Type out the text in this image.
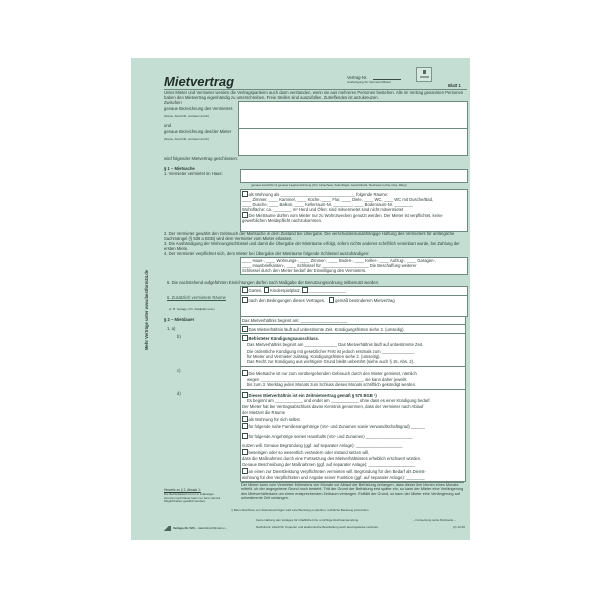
Mehr Verträge unter www.bestform24.de
Mietvertrag	Vertrag-Nr.
Ausfertigung für Vermieter/Mieter
Blatt 1
Unter Mieter und Vermieter werden die Vertragsparteien auch dann verstanden, wenn sie aus mehreren Personen bestehen. Alle im Vertrag genannten Personen haben den Mietvertrag eigenhändig zu unterschreiben. Freie Stellen sind auszufüllen. Zutreffendes ist anzukreuzen.
Zwischen
genaue Bezeichnung des Vermieters
(Name, Anschrift, vertreten durch)
und
genaue Bezeichnung des/der Mieter
(Name, Anschrift, vertreten durch)
wird folgender Mietvertrag geschlossen:
§ 1 – Mietsache
1. Vermieter vermietet im Haus:
(genaue Anschrift mit genauer Lagebezeichnung (Vorr. Hinterhaus, Seitenflügel, Geschoßzahl, Stockwerk rechts, links, Mitte))
als Wohnung als ________________________________ folgende Räume:
____ Zimmer, ____ Kammer, ____ Küche, ____ Flur, ____ Diele, ____ WC, ____ WC mit Dusche/Bad,
____ Dusche, ____ Balkon, ____ Kellerraum-Nr. ________, ____ Bodenraum-Nr. ________
Wohnfläche: ca. ________ m² Herd und Öfen: sind mitvermietet sind nicht mitvermietet
Die Mieträume dürfen vom Mieter nur zu Wohnzwecken genutzt werden. Der Mieter ist verpflichtet, keine gewerblichen Meldepflicht nachzukommen.
2. Der Vermieter gewährt den Gebrauch der Mietsache in dem Zustand bei Übergabe. Die verschuldensunabhängige Haftung des Vermieters für anfängliche Sachmängel (§ 536 a BGB) wird dem Vermieter vom Mieter erlassen.
3. Die Aushändigung der Wohnungsschlüssel und damit die Übergabe der Mieträume erfolgt, sofern nichts anderes schriftlich vereinbart wurde, bei Zahlung der ersten Miete.
4. Der Vermieter verpflichtet sich, dem Mieter bei Übergabe der Mieträume folgende Schlüssel auszuhändigen:
____ Haus-, ____ Wohnungs-, ____ Zimmer-, ____ Boden-, ____ Keller-, ____ Aufzug-, ____ Garagen-,
____ Hausbriefkasten-, ____ Schlüssel für ____________________ Die Beschaffung weiterer
Schlüssel durch den Mieter bedarf der Einwilligung des Vermieters.
5. Die nachstehend aufgeführten Einrichtungen dürfen nach Maßgabe der Benutzungsordnung mitbenutzt werden:
Garten, Kinderspielplatz, ________________
6. Zusätzlich vermietete Räume
(z. B. Garage, Kfz.-Stellplatz usw.)
nach den Bedingungen dieses Vertrages. gemäß besonderem Mietvertrag
§ 2 – Mietdauer
1. a)
b)
c)
d)
Das Mietverhältnis beginnt am: ____________________
Das Mietverhältnis läuft auf unbestimmte Zeit. Kündigungsfristen siehe 2. (umseitig).
Befristeter Kündigungsausschluss.
Das Mietverhältnis beginnt am ______________ Das Mietverhältnis läuft auf unbestimmte Zeit.
Die ordentliche Kündigung mit gesetzlicher Frist ist jedoch erstmals zum ______________
für Mieter und Vermieter zulässig. Kündigungsfristen siehe 2. (umseitig).
Das Recht zur Kündigung aus wichtigem Grund bleibt unberührt (siehe auch § 15, Abs. 2).
Die Mietsache ist nur zum vorübergehenden Gebrauch durch den Mieter gemietet, nämlich
wegen ____________________________________________, sie kann daher jeweils
bis zum 3. Werktag jeden Monats zum Schluss dieses Monats schriftlich gekündigt werden.
Dieses Mietverhältnis ist ein Zeitmietvertrag gemäß § 575 BGB ¹)
Es beginnt am ____________ und endet am ____________ ohne dass es einer Kündigung bedarf.
Der Mieter hat bei Vertragsabschluss davon Kenntnis genommen, dass der Vermieter nach Ablauf
der Mietzeit die Räume
als Wohnung für sich selbst
für folgende nahe Familienangehörige (Vor- und Zunamen sowie Verwandtschaftsgrad) ______
für folgende Angehörige seines Haushalts (Vor- und Zunamen) ____________________
nutzen will. Genaue Begründung (ggf. auf separater Anlage): ____________________
beseitigen oder so wesentlich verändern oder instand setzen will,
dass die Maßnahmen durch eine Fortsetzung des Mietverhältnisses erheblich erschwert würden.
Genaue Beschreibung der Maßnahmen (ggf. auf separater Anlage): ____________________
an einen zur Dienstleistung Verpflichteten vermieten will. Begründung für den Bedarf als Dienst-
wohnung für den Verpflichteten und Angabe seiner Funktion (ggf. auf separater Anlage): ________
Der Mieter kann vom Vermieter frühestens vier Monate vor Ablauf der Befristung verlangen, dass dieser ihm binnen eines Monats mitteilt, ob der angegebene Grund noch besteht. Tritt der Grund der Befristung erst später ein, so kann der Mieter eine Verlängerung des Mietverhältnisses um einen entsprechenden Zeitraum verlangen. Entfällt der Grund, so kann der Mieter eine Verlängerung auf unbestimmte Zeit verlangen.
Hinweis zu § 2, Absatz 1:
Die Befristbarkeit ist nur in zulässigen Grenzen (auf Dauer kann nur beim derzeit Möglichkeiten gewählt werden).
¹) Beim Abschluss von Zeitmietverträgen wird eine Beratung empfohlen, rechtliche Beratung einzuholen.
Verlags-Nr. 523 – Jakobsbuchbinderei –
Keine Haftung des Verlages für inhaltliche bzw. unrichtige Rechtsanwendung.
Nachdruck, Abschrift, Kopieren und elektronische Bearbeitung auch auszugsweise verboten.
– Fortsetzung siehe Rückseite –
(2) 12.06
